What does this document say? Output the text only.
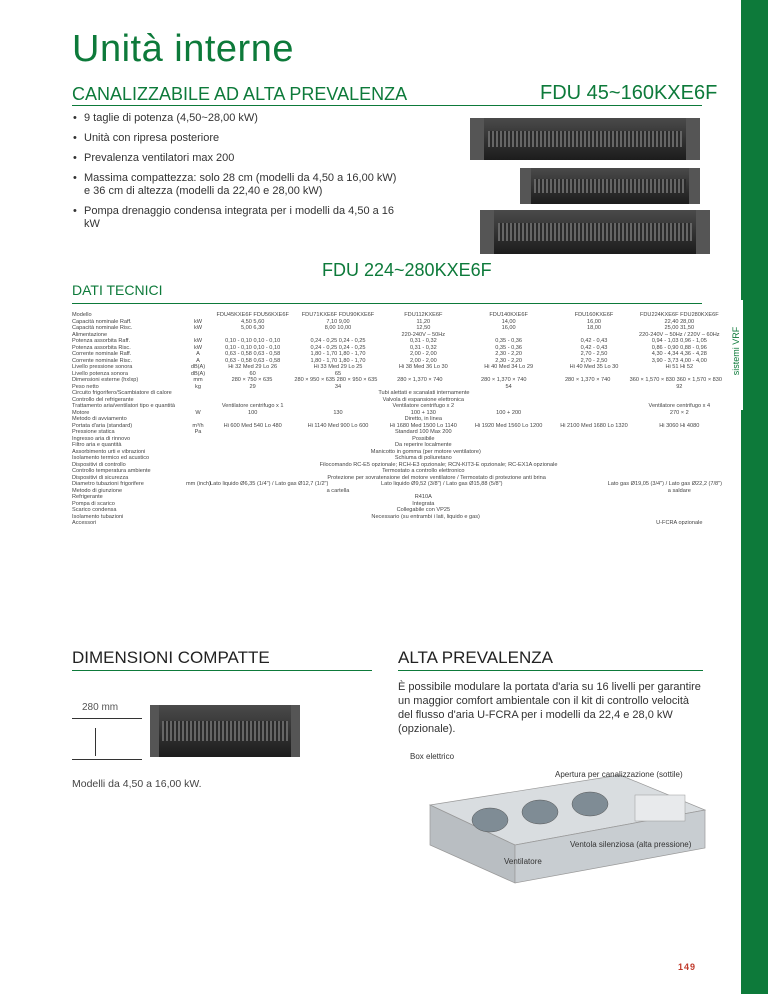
sistemi VRF
Unità interne
CANALIZZABILE AD ALTA PREVALENZA	FDU 45~160KXE6F
• 9 taglie di potenza (4,50~28,00 kW)
• Unità con ripresa posteriore
• Prevalenza ventilatori max 200
• Massima compattezza: solo 28 cm (modelli da 4,50 a 16,00 kW) e 36 cm di altezza (modelli da 22,40 e 28,00 kW)
• Pompa drenaggio condensa integrata per i modelli da 4,50 a 16 kW
FDU 224~280KXE6F
DATI TECNICI
Modello	FDU45KXE6F FDU56KXE6F	FDU71KXE6F FDU90KXE6F	FDU112KXE6F	FDU140KXE6F	FDU160KXE6F	FDU224KXE6F FDU280KXE6F
Capacità nominale Raff.	kW	4,50 5,60	7,10 9,00	11,20	14,00	16,00	22,40 28,00
Capacità nominale Risc.	kW	5,00 6,30	8,00 10,00	12,50	16,00	18,00	25,00 31,50
Alimentazione	220-240V – 50Hz	220-240V – 50Hz / 220V – 60Hz
Potenza assorbita Raff.	kW	0,10 - 0,10 0,10 - 0,10	0,24 - 0,25 0,24 - 0,25	0,31 - 0,32	0,35 - 0,36	0,42 - 0,43	0,94 - 1,03 0,96 - 1,05
Potenza assorbita Risc.	kW	0,10 - 0,10 0,10 - 0,10	0,24 - 0,25 0,24 - 0,25	0,31 - 0,32	0,35 - 0,36	0,42 - 0,43	0,86 - 0,90 0,88 - 0,96
Corrente nominale Raff.	A	0,63 - 0,58 0,63 - 0,58	1,80 - 1,70 1,80 - 1,70	2,00 - 2,00	2,30 - 2,20	2,70 - 2,50	4,30 - 4,34 4,36 - 4,28
Corrente nominale Risc.	A	0,63 - 0,58 0,63 - 0,58	1,80 - 1,70 1,80 - 1,70	2,00 - 2,00	2,30 - 2,20	2,70 - 2,50	3,90 - 3,73 4,00 - 4,00
Livello pressione sonora	dB(A)	Hi 32 Med 29 Lo 26	Hi 33 Med 29 Lo 25	Hi 38 Med 36 Lo 30	Hi 40 Med 34 Lo 29	Hi 40 Med 35 Lo 30	Hi 51 Hi 52
Livello potenza sonora	dB(A)	60	65
Dimensioni esterne (hxlxp)	mm	280 × 750 × 635	280 × 950 × 635 280 × 950 × 635	280 × 1,370 × 740	280 × 1,370 × 740	280 × 1,370 × 740	360 × 1,570 × 830 360 × 1,570 × 830
Peso netto	kg	29	34	54	92
Circuito frigorifero/Scambiatore di calore	Tubi alettati e scanalati internamente
Controllo del refrigerante	Valvola di espansione elettronica
Trattamento aria/ventilatori tipo e quantità	Ventilatore centrifugo x 1	Ventilatore centrifugo x 2	Ventilatore centrifugo x 4
Motore	W	100	130	100 + 130	100 + 200	270 × 2
Metodo di avviamento	Diretto, in linea
Portata d'aria (standard)	m³/h	Hi 600 Med 540 Lo 480	Hi 1140 Med 900 Lo 600	Hi 1680 Med 1500 Lo 1140	Hi 1920 Med 1560 Lo 1200	Hi 2100 Med 1680 Lo 1320	Hi 3060 Hi 4080
Pressione statica	Pa	Standard 100 Max 200
Ingresso aria di rinnovo	Possibile
Filtro aria e quantità	Da reperire localmente
Assorbimento urti e vibrazioni	Manicotto in gomma (per motore ventilatore)
Isolamento termico ed acustico	Schiuma di poliuretano
Dispositivi di controllo	Filocomando RC-E5 opzionale; RCH-E3 opzionale; RCN-KIT3-E opzionale; RC-EX1A opzionale
Controllo temperatura ambiente	Termostato a controllo elettronico
Dispositivi di sicurezza	Protezione per sovratensione del motore ventilatore / Termostato di protezione anti brina
Diametro tubazioni frigorifere	mm (inch) Lato liquido Ø6,35 (1/4") / Lato gas Ø12,7 (1/2")	Lato liquido Ø9,52 (3/8") / Lato gas Ø15,88 (5/8")	Lato gas Ø19,05 (3/4") / Lato gas Ø22,2 (7/8")
Metodo di giunzione	a cartella	a saldare
Refrigerante	R410A
Pompa di scarico	Integrata
Scarico condensa	Collegabile con VP25
Isolamento tubazioni	Necessario (su entrambi i lati, liquido e gas)
Accessori	U-FCRA opzionale
DIMENSIONI COMPATTE	ALTA PREVALENZA
È possibile modulare la portata d'aria su 16 livelli per garantire un maggior comfort ambientale con il kit di controllo velocità del flusso d'aria U-FCRA per i modelli da 22,4 e 28,0 kW (opzionale).
280 mm
Modelli da 4,50 a 16,00 kW.
Box elettrico
Apertura per canalizzazione (sottile)
Ventola silenziosa (alta pressione)
Ventilatore
149
